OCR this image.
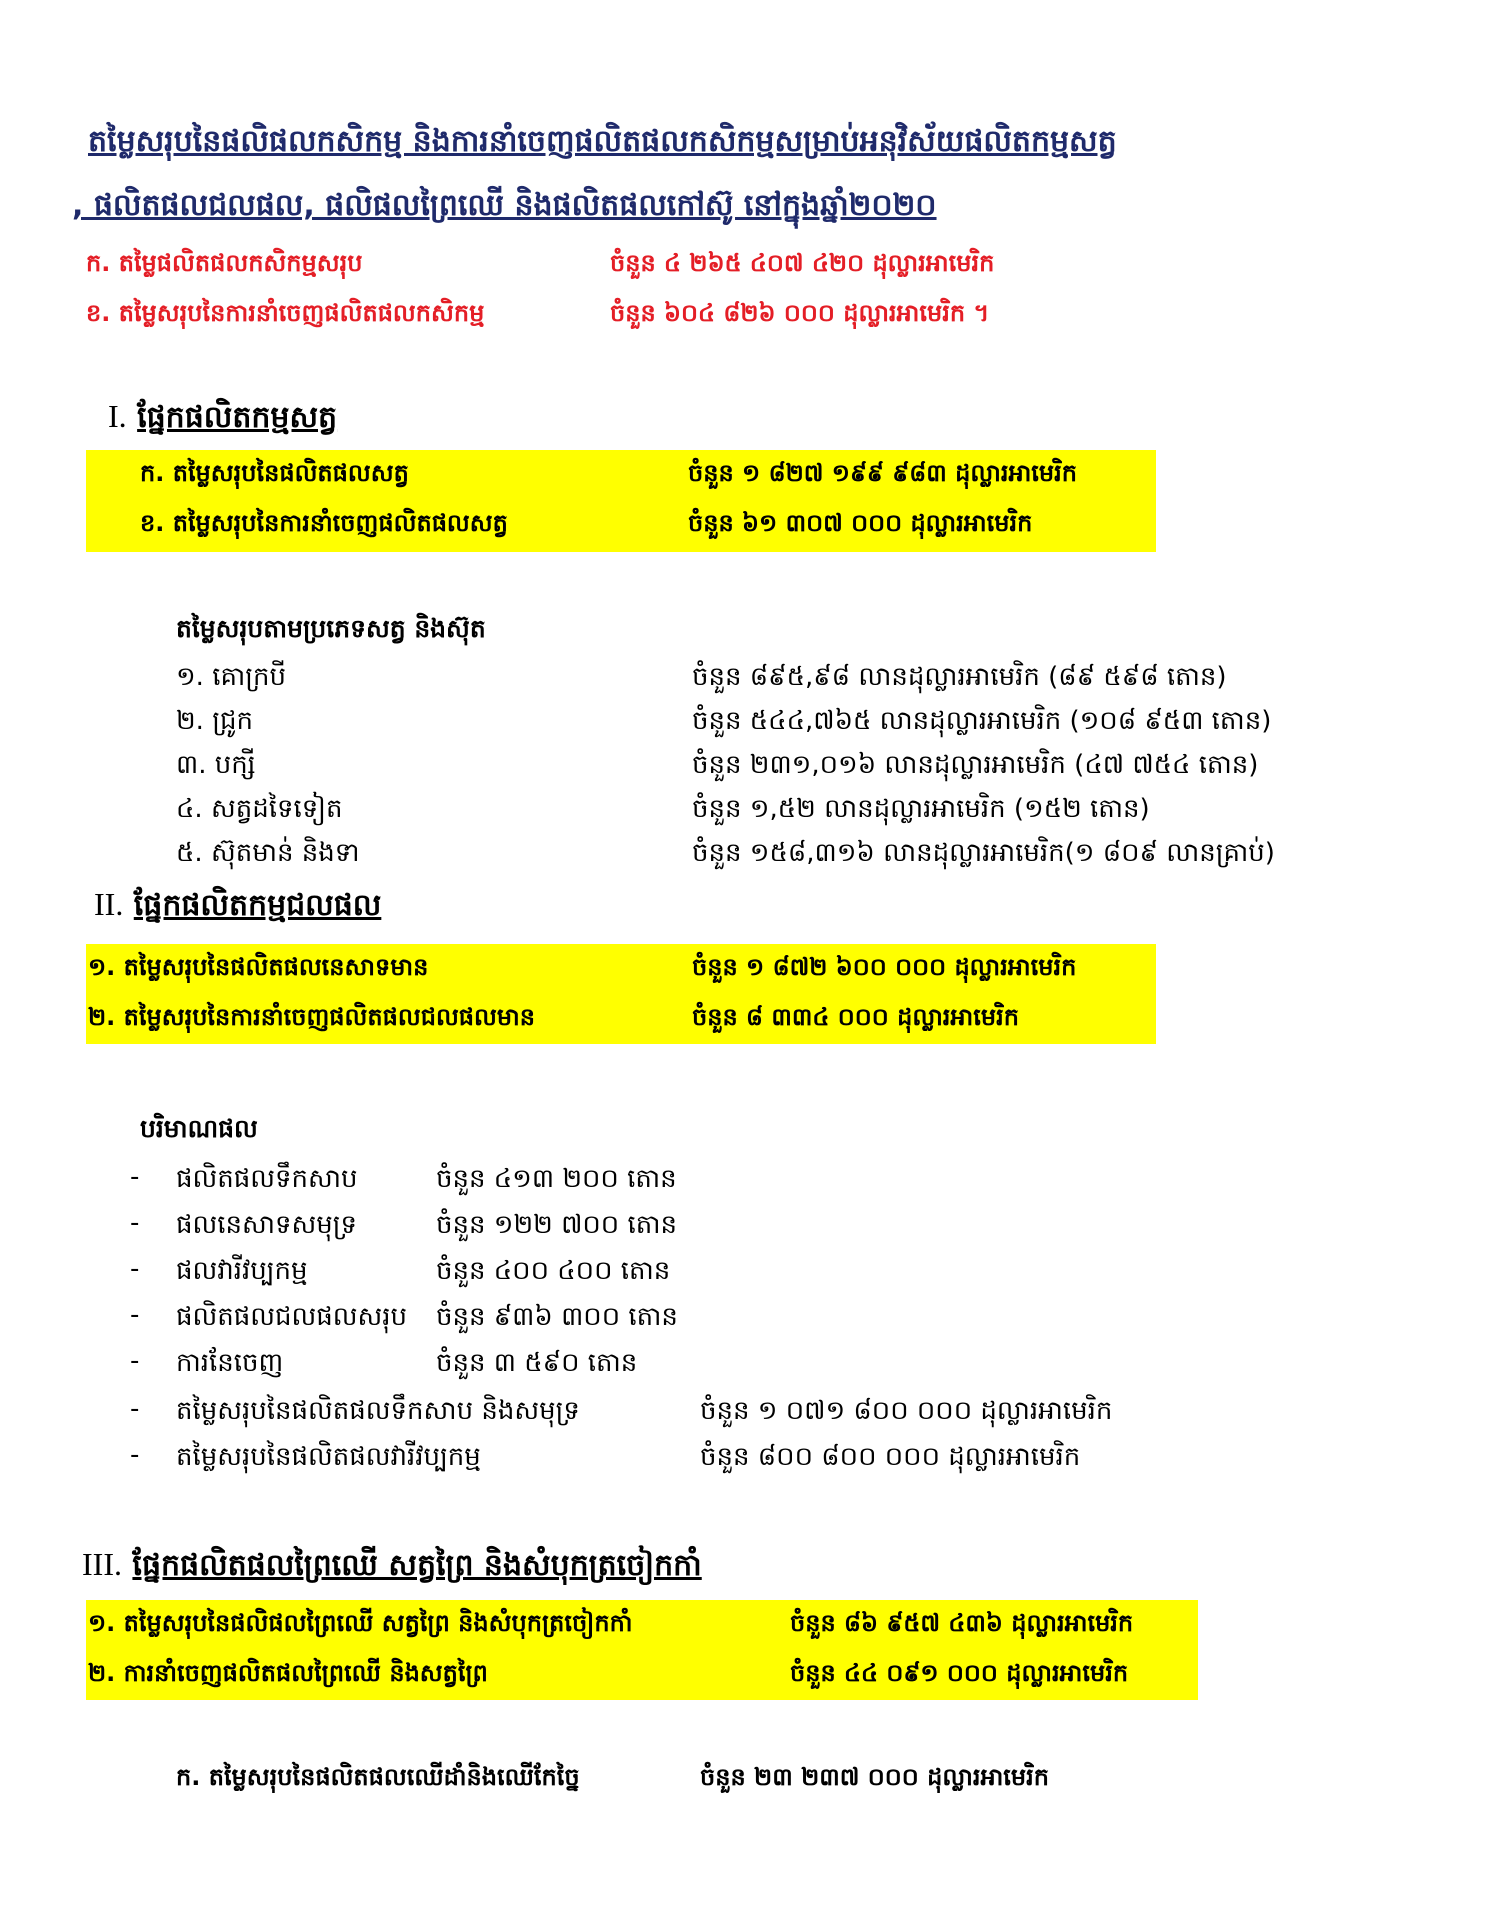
តម្លៃសរុបនៃផលិផលកសិកម្ម និងការនាំចេញផលិតផលកសិកម្មសម្រាប់អនុវិស័យផលិតកម្មសត្វ
, ផលិតផលជលផល, ផលិផលព្រៃឈើ និងផលិតផលកៅស៊ូ នៅក្នុងឆ្នាំ២០២០
ក. តម្លៃផលិតផលកសិកម្មសរុប	ចំនួន ៤ ២៦៥ ៤០៧ ៤២០ ដុល្លារអាមេរិក
ខ. តម្លៃសរុបនៃការនាំចេញផលិតផលកសិកម្ម	ចំនួន ៦០៤ ៨២៦ ០០០ ដុល្លារអាមេរិក ។
I. ផ្នែកផលិតកម្មសត្វ
ក. តម្លៃសរុបនៃផលិតផលសត្វ	ចំនួន ១ ៨២៧ ១៩៩ ៩៨៣ ដុល្លារអាមេរិក
ខ. តម្លៃសរុបនៃការនាំចេញផលិតផលសត្វ	ចំនួន ៦១ ៣០៧ ០០០ ដុល្លារអាមេរិក
តម្លៃសរុបតាមប្រភេទសត្វ និងស៊ុត
១. គោក្របី	ចំនួន ៨៩៥,៩៨ លានដុល្លារអាមេរិក (៨៩ ៥៩៨ តោន)
២. ជ្រូក	ចំនួន ៥៤៤,៧៦៥ លានដុល្លារអាមេរិក (១០៨ ៩៥៣ តោន)
៣. បក្សី	ចំនួន ២៣១,០១៦ លានដុល្លារអាមេរិក (៤៧ ៧៥៤ តោន)
៤. សត្វដទៃទៀត	ចំនួន ១,៥២ លានដុល្លារអាមេរិក (១៥២ តោន)
៥. ស៊ុតមាន់ និងទា	ចំនួន ១៥៨,៣១៦ លានដុល្លារអាមេរិក(១ ៨០៩ លានគ្រាប់)
II. ផ្នែកផលិតកម្មជលផល
១. តម្លៃសរុបនៃផលិតផលនេសាទមាន	ចំនួន ១ ៨៧២ ៦០០ ០០០ ដុល្លារអាមេរិក
២. តម្លៃសរុបនៃការនាំចេញផលិតផលជលផលមាន	ចំនួន ៨ ៣៣៤ ០០០ ដុល្លារអាមេរិក
បរិមាណផល
- ផលិតផលទឹកសាប	ចំនួន ៤១៣ ២០០ តោន
- ផលនេសាទសមុទ្រ	ចំនួន ១២២ ៧០០ តោន
- ផលវារីវប្បកម្ម	ចំនួន ៤០០ ៤០០ តោន
- ផលិតផលជលផលសរុប ចំនួន ៩៣៦ ៣០០ តោន
- ការនែចេញ	ចំនួន ៣ ៥៩០ តោន
- តម្លៃសរុបនៃផលិតផលទឹកសាប និងសមុទ្រ	ចំនួន ១ ០៧១ ៨០០ ០០០ ដុល្លារអាមេរិក
- តម្លៃសរុបនៃផលិតផលវារីវប្បកម្ម	ចំនួន ៨០០ ៨០០ ០០០ ដុល្លារអាមេរិក
III. ផ្នែកផលិតផលព្រៃឈើ សត្វព្រៃ និងសំបុកត្រចៀកកាំ
១. តម្លៃសរុបនៃផលិផលព្រៃឈើ សត្វព្រៃ និងសំបុកត្រចៀកកាំ	ចំនួន ៨៦ ៩៥៧ ៤៣៦ ដុល្លារអាមេរិក
២. ការនាំចេញផលិតផលព្រៃឈើ និងសត្វព្រៃ	ចំនួន ៤៤ ០៩១ ០០០ ដុល្លារអាមេរិក
ក. តម្លៃសរុបនៃផលិតផលឈើដាំនិងឈើកែច្នៃ	ចំនួន ២៣ ២៣៧ ០០០ ដុល្លារអាមេរិក
